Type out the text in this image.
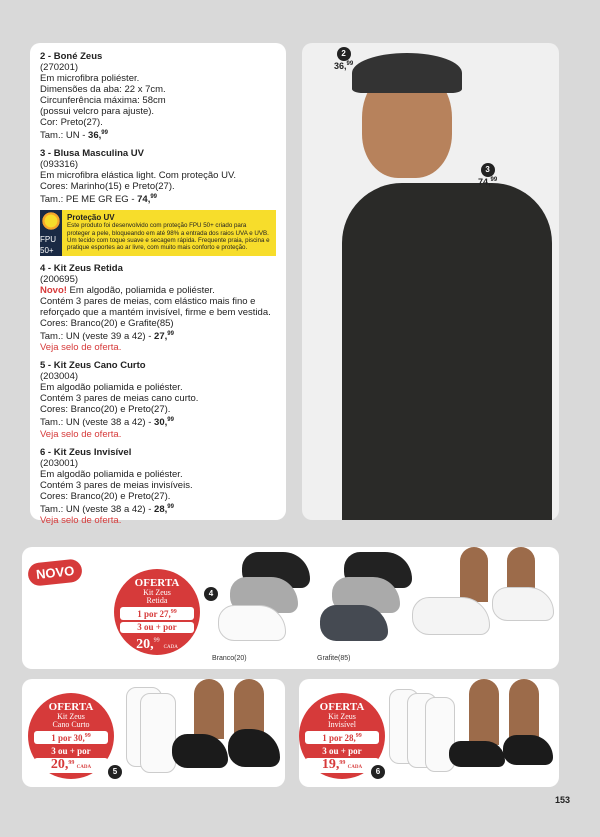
2 - Boné Zeus
(270201)
Em microfibra poliéster.
Dimensões da aba: 22 x 7cm.
Circunferência máxima: 58cm
(possui velcro para ajuste).
Cor: Preto(27).
Tam.: UN - 36,99
3 - Blusa Masculina UV
(093316)
Em microfibra elástica light. Com proteção UV.
Cores: Marinho(15) e Preto(27).
Tam.: PE ME GR EG - 74,99
FPU 50+
Proteção UV
Este produto foi desenvolvido com proteção FPU 50+ criado para proteger a pele, bloqueando em até 98% a entrada dos raios UVA e UVB. Um tecido com toque suave e secagem rápida. Frequente praia, piscina e pratique esportes ao ar livre, com muito mais conforto e proteção.
4 - Kit Zeus Retida
(200695)
Novo! Em algodão, poliamida e poliéster.
Contém 3 pares de meias, com elástico mais fino e reforçado que a mantém invisível, firme e bem vestida.
Cores: Branco(20) e Grafite(85)
Tam.: UN (veste 39 a 42) - 27,99
Veja selo de oferta.
5 - Kit Zeus Cano Curto
(203004)
Em algodão poliamida e poliéster.
Contém 3 pares de meias cano curto.
Cores: Branco(20) e Preto(27).
Tam.: UN (veste 38 a 42) - 30,99
Veja selo de oferta.
6 - Kit Zeus Invisível
(203001)
Em algodão poliamida e poliéster.
Contém 3 pares de meias invisíveis.
Cores: Branco(20) e Preto(27).
Tam.: UN (veste 38 a 42) - 28,99
Veja selo de oferta.
2
36,99
3
74,99
NOVO
OFERTA
Kit Zeus
Retida
1 por 27,99
3 ou + por
20,99 CADA
4
Branco(20)	Grafite(85)
OFERTA
Kit Zeus
Cano Curto
1 por 30,99
3 ou + por
20,99 CADA	5
OFERTA
Kit Zeus
Invisível
1 por 28,99
3 ou + por
19,99 CADA	6
153
